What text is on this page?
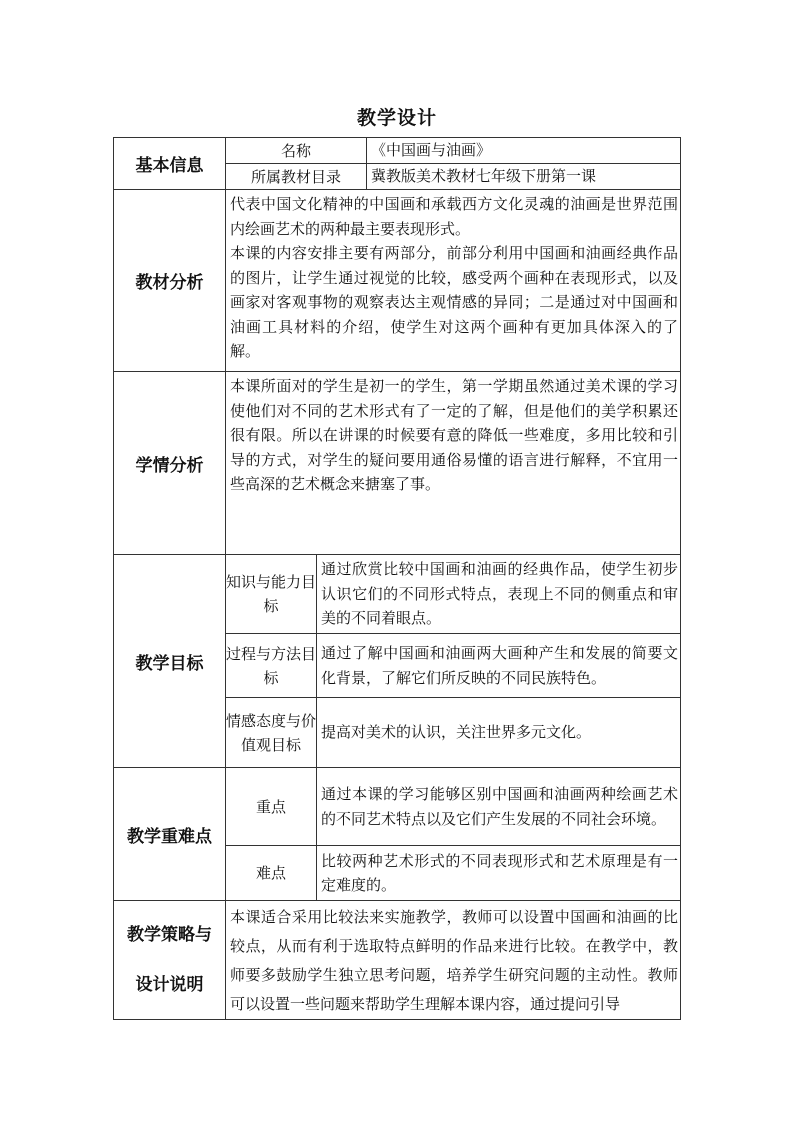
教学设计
基本信息	名称		《中国画与油画》
	所属教材目录		冀教版美术教材七年级下册第一课
教材分析	代表中国文化精神的中国画和承载西方文化灵魂的油画是世界范围内绘画艺术的两种最主要表现形式。

本课的内容安排主要有两部分，前部分利用中国画和油画经典作品的图片，让学生通过视觉的比较，感受两个画种在表现形式，以及画家对客观事物的观察表达主观情感的异同；二是通过对中国画和油画工具材料的介绍，使学生对这两个画种有更加具体深入的了解。		

学情分析	本课所面对的学生是初一的学生，第一学期虽然通过美术课的学习使他们对不同的艺术形式有了一定的了解，但是他们的美学积累还很有限。所以在讲课的时候要有意的降低一些难度，多用比较和引导的方式，对学生的疑问要用通俗易懂的语言进行解释，不宜用一些高深的艺术概念来搪塞了事。		
教学目标	知识与能力目标	通过欣赏比较中国画和油画的经典作品，使学生初步认识它们的不同形式特点，表现上不同的侧重点和审美的不同着眼点。	
	过程与方法目标	通过了解中国画和油画两大画种产生和发展的简要文化背景，了解它们所反映的不同民族特色。	
	情感态度与价值观目标	提高对美术的认识，关注世界多元文化。	
教学重难点	重点	通过本课的学习能够区别中国画和油画两种绘画艺术的不同艺术特点以及它们产生发展的不同社会环境。	
	难点	比较两种艺术形式的不同表现形式和艺术原理是有一定难度的。	

教学策略与
设计说明	本课适合采用比较法来实施教学，教师可以设置中国画和油画的比较点，从而有利于选取特点鲜明的作品来进行比较。在教学中，教师要多鼓励学生独立思考问题，培养学生研究问题的主动性。教师可以设置一些问题来帮助学生理解本课内容，通过提问引导		
